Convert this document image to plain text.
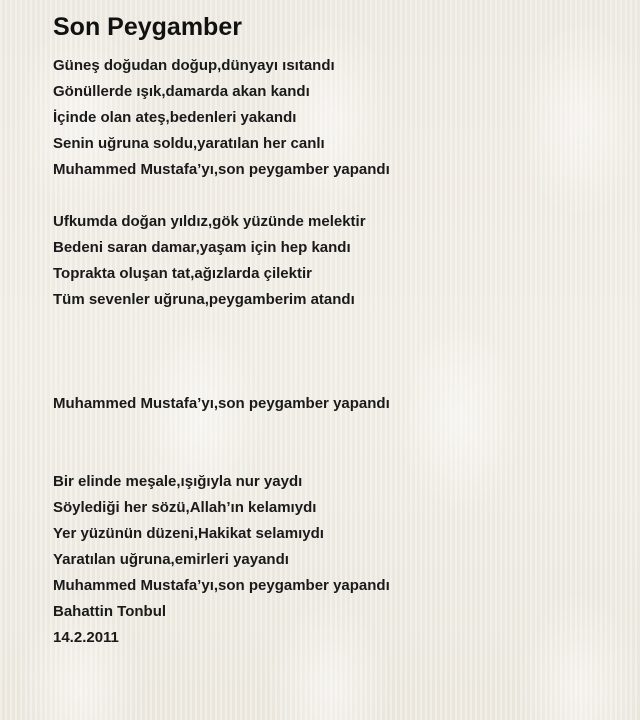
Son Peygamber
Güneş doğudan doğup,dünyayı ısıtandı
Gönüllerde ışık,damarda akan kandı
İçinde olan ateş,bedenleri yakandı
Senin uğruna soldu,yaratılan her canlı
Muhammed Mustafa’yı,son peygamber yapandı
Ufkumda doğan yıldız,gök yüzünde melektir
Bedeni saran damar,yaşam için hep kandı
Toprakta oluşan tat,ağızlarda çilektir
Tüm sevenler uğruna,peygamberim atandı
Muhammed Mustafa’yı,son peygamber yapandı
Bir elinde meşale,ışığıyla nur yaydı
Söylediği her sözü,Allah’ın kelamıydı
Yer yüzünün düzeni,Hakikat selamıydı
Yaratılan uğruna,emirleri yayandı
Muhammed Mustafa’yı,son peygamber yapandı
Bahattin Tonbul
14.2.2011
